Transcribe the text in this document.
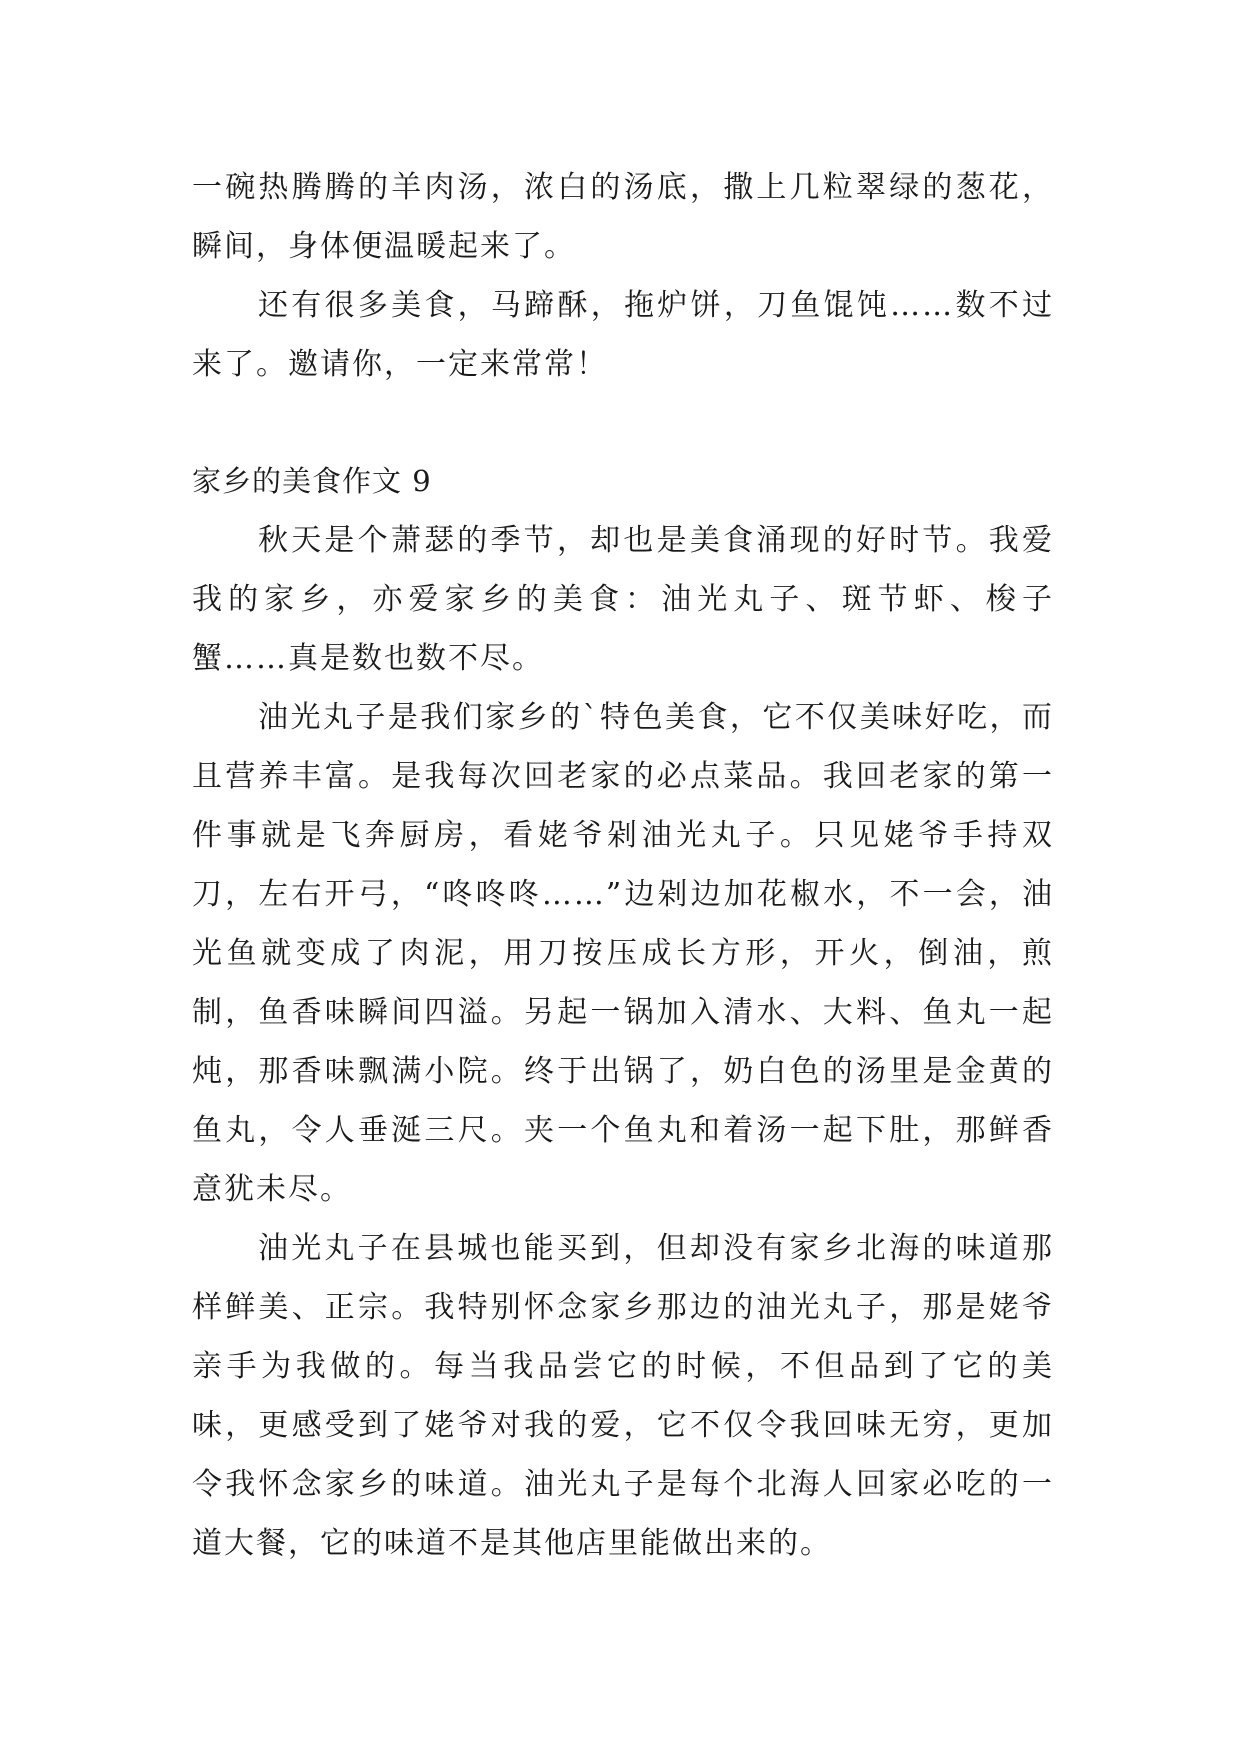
一碗热腾腾的羊肉汤，浓白的汤底，撒上几粒翠绿的葱花，瞬间，身体便温暖起来了。

还有很多美食，马蹄酥，拖炉饼，刀鱼馄饨……数不过来了。邀请你，一定来常常！

家乡的美食作文 9

秋天是个萧瑟的季节，却也是美食涌现的好时节。我爱我的家乡，亦爱家乡的美食：油光丸子、斑节虾、梭子蟹……真是数也数不尽。

油光丸子是我们家乡的`特色美食，它不仅美味好吃，而且营养丰富。是我每次回老家的必点菜品。我回老家的第一件事就是飞奔厨房，看姥爷剁油光丸子。只见姥爷手持双刀，左右开弓，“咚咚咚……”边剁边加花椒水，不一会，油光鱼就变成了肉泥，用刀按压成长方形，开火，倒油，煎制，鱼香味瞬间四溢。另起一锅加入清水、大料、鱼丸一起炖，那香味飘满小院。终于出锅了，奶白色的汤里是金黄的鱼丸，令人垂涎三尺。夹一个鱼丸和着汤一起下肚，那鲜香意犹未尽。

油光丸子在县城也能买到，但却没有家乡北海的味道那样鲜美、正宗。我特别怀念家乡那边的油光丸子，那是姥爷亲手为我做的。每当我品尝它的时候，不但品到了它的美味，更感受到了姥爷对我的爱，它不仅令我回味无穷，更加令我怀念家乡的味道。油光丸子是每个北海人回家必吃的一道大餐，它的味道不是其他店里能做出来的。
